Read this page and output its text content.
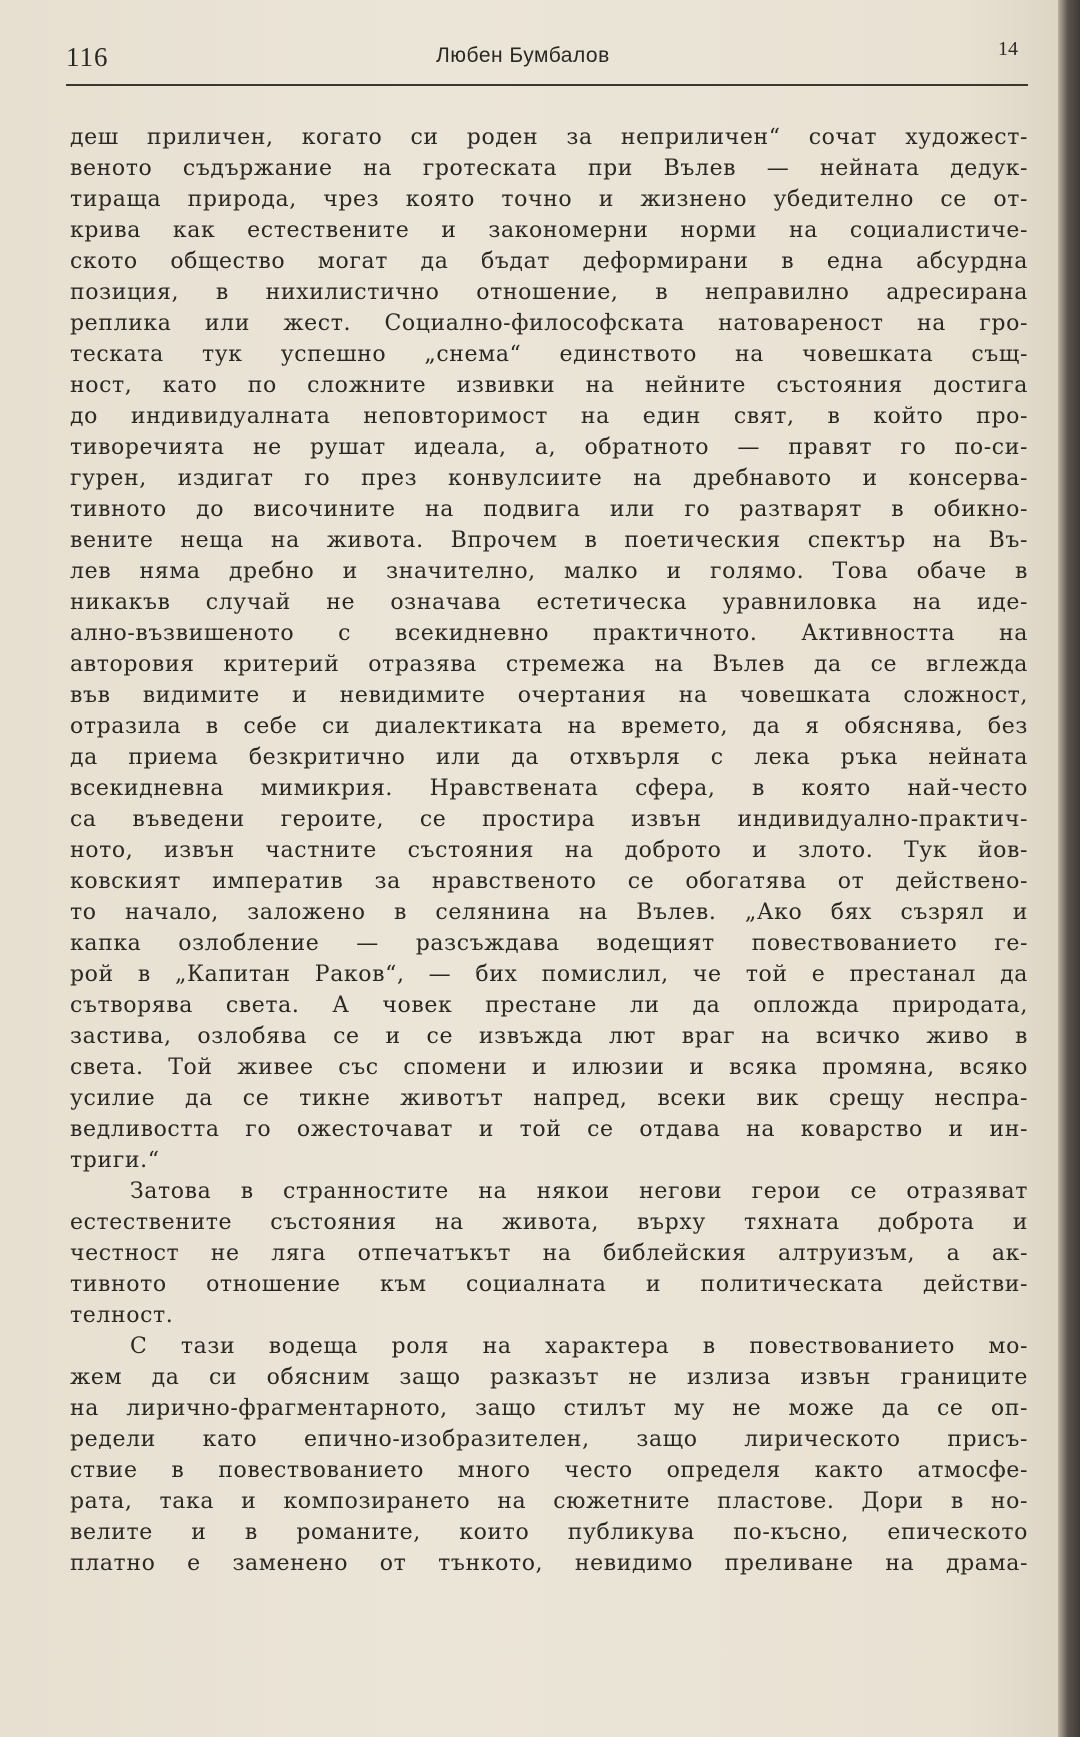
116	Любен Бумбалов	14
деш приличен, когато си роден за неприличен“ сочат художест-
веното съдържание на гротеската при Вълев — нейната дедук-
тираща природа, чрез която точно и жизнено убедително се от-
крива как естествените и закономерни норми на социалистиче-
ското общество могат да бъдат деформирани в една абсурдна
позиция, в нихилистично отношение, в неправилно адресирана
реплика или жест. Социално-философската натовареност на гро-
теската тук успешно „снема“ единството на човешката същ-
ност, като по сложните извивки на нейните състояния достига
до индивидуалната неповторимост на един свят, в който про-
тиворечията не рушат идеала, а, обратното — правят го по-си-
гурен, издигат го през конвулсиите на дребнавото и консерва-
тивното до височините на подвига или го разтварят в обикно-
вените неща на живота. Впрочем в поетическия спектър на Въ-
лев няма дребно и значително, малко и голямо. Това обаче в
никакъв случай не означава естетическа уравниловка на иде-
ално-възвишеното с всекидневно практичното. Активността на
авторовия критерий отразява стремежа на Вълев да се вглежда
във видимите и невидимите очертания на човешката сложност,
отразила в себе си диалектиката на времето, да я обяснява, без
да приема безкритично или да отхвърля с лека ръка нейната
всекидневна мимикрия. Нравствената сфера, в която най-често
са въведени героите, се простира извън индивидуално-практич-
ното, извън частните състояния на доброто и злото. Тук йов-
ковският императив за нравственото се обогатява от действено-
то начало, заложено в селянина на Вълев. „Ако бях съзрял и
капка озлобление — разсъждава водещият повествованието ге-
рой в „Капитан Раков“, — бих помислил, че той е престанал да
сътворява света. А човек престане ли да опложда природата,
застива, озлобява се и се извъжда лют враг на всичко живо в
света. Той живее със спомени и илюзии и всяка промяна, всяко
усилие да се тикне животът напред, всеки вик срещу неспра-
ведливостта го ожесточават и той се отдава на коварство и ин-
триги.“
Затова в странностите на някои негови герои се отразяват
естествените състояния на живота, върху тяхната доброта и
честност не ляга отпечатъкът на библейския алтруизъм, а ак-
тивното отношение към социалната и политическата действи-
телност.
С тази водеща роля на характера в повествованието мо-
жем да си обясним защо разказът не излиза извън границите
на лирично-фрагментарното, защо стилът му не може да се оп-
редели като епично-изобразителен, защо лирическото присъ-
ствие в повествованието много често определя както атмосфе-
рата, така и композирането на сюжетните пластове. Дори в но-
велите и в романите, които публикува по-късно, епическото
платно е заменено от тънкото, невидимо преливане на драма-
